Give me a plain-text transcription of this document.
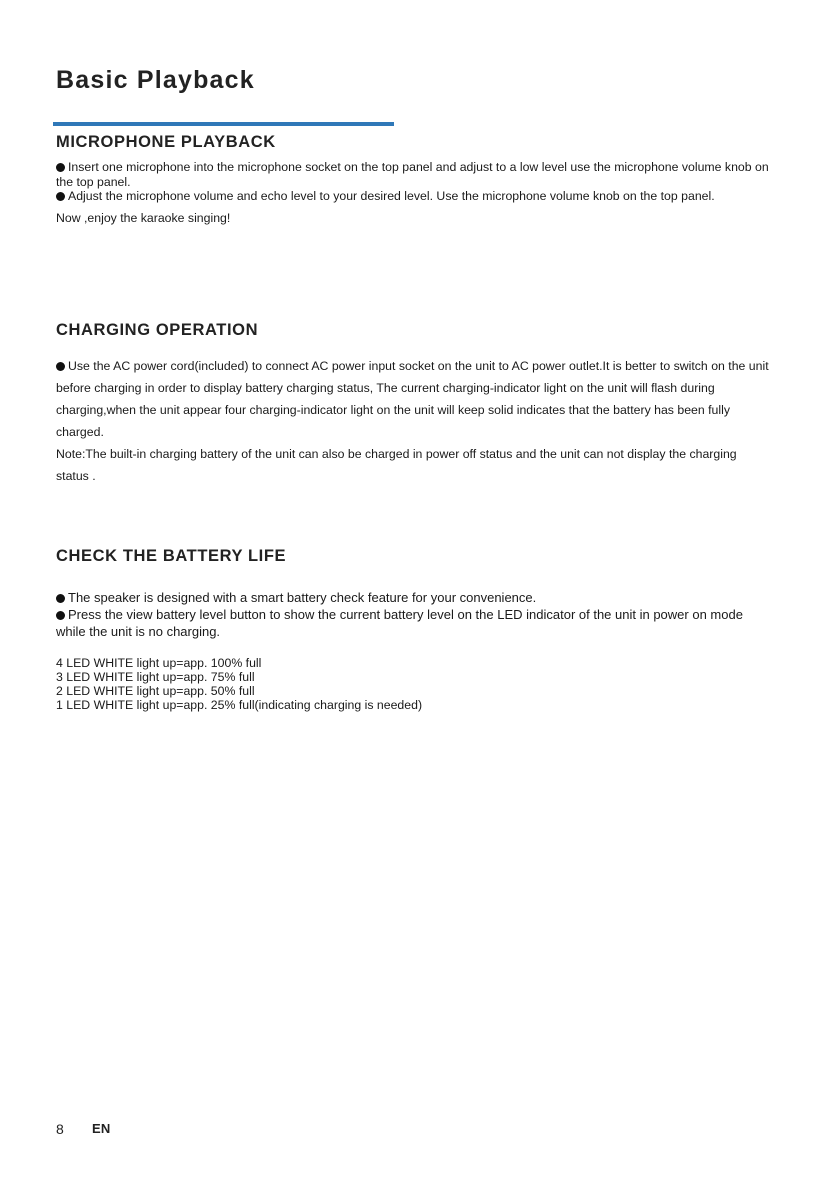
Basic Playback
MICROPHONE PLAYBACK

Insert one microphone into the microphone socket on the top panel and adjust to a low level use the microphone volume knob on the top panel.

Adjust the microphone volume and echo level to your desired level. Use the microphone volume knob on the top panel.

Now ,enjoy the karaoke singing!

CHARGING OPERATION

Use the AC power cord(included) to connect AC power input socket on the unit to AC power outlet.It is better to switch on the unit before charging in order to display battery charging status, The current charging-indicator light on the unit will flash during charging,when the unit appear four charging-indicator light on the unit will keep solid indicates that the battery has been fully charged.

Note:The built-in charging battery of the unit can also be charged in power off status and the unit can not display the charging status .

CHECK THE BATTERY LIFE

The speaker is designed with a smart battery check feature for your convenience.

Press the view battery level button to show the current battery level on the LED indicator of the unit in power on mode while the unit is no charging.

4 LED WHITE light up=app. 100% full
3 LED WHITE light up=app. 75% full
2 LED WHITE light up=app. 50% full
1 LED WHITE light up=app. 25% full(indicating charging is needed)
8 EN
